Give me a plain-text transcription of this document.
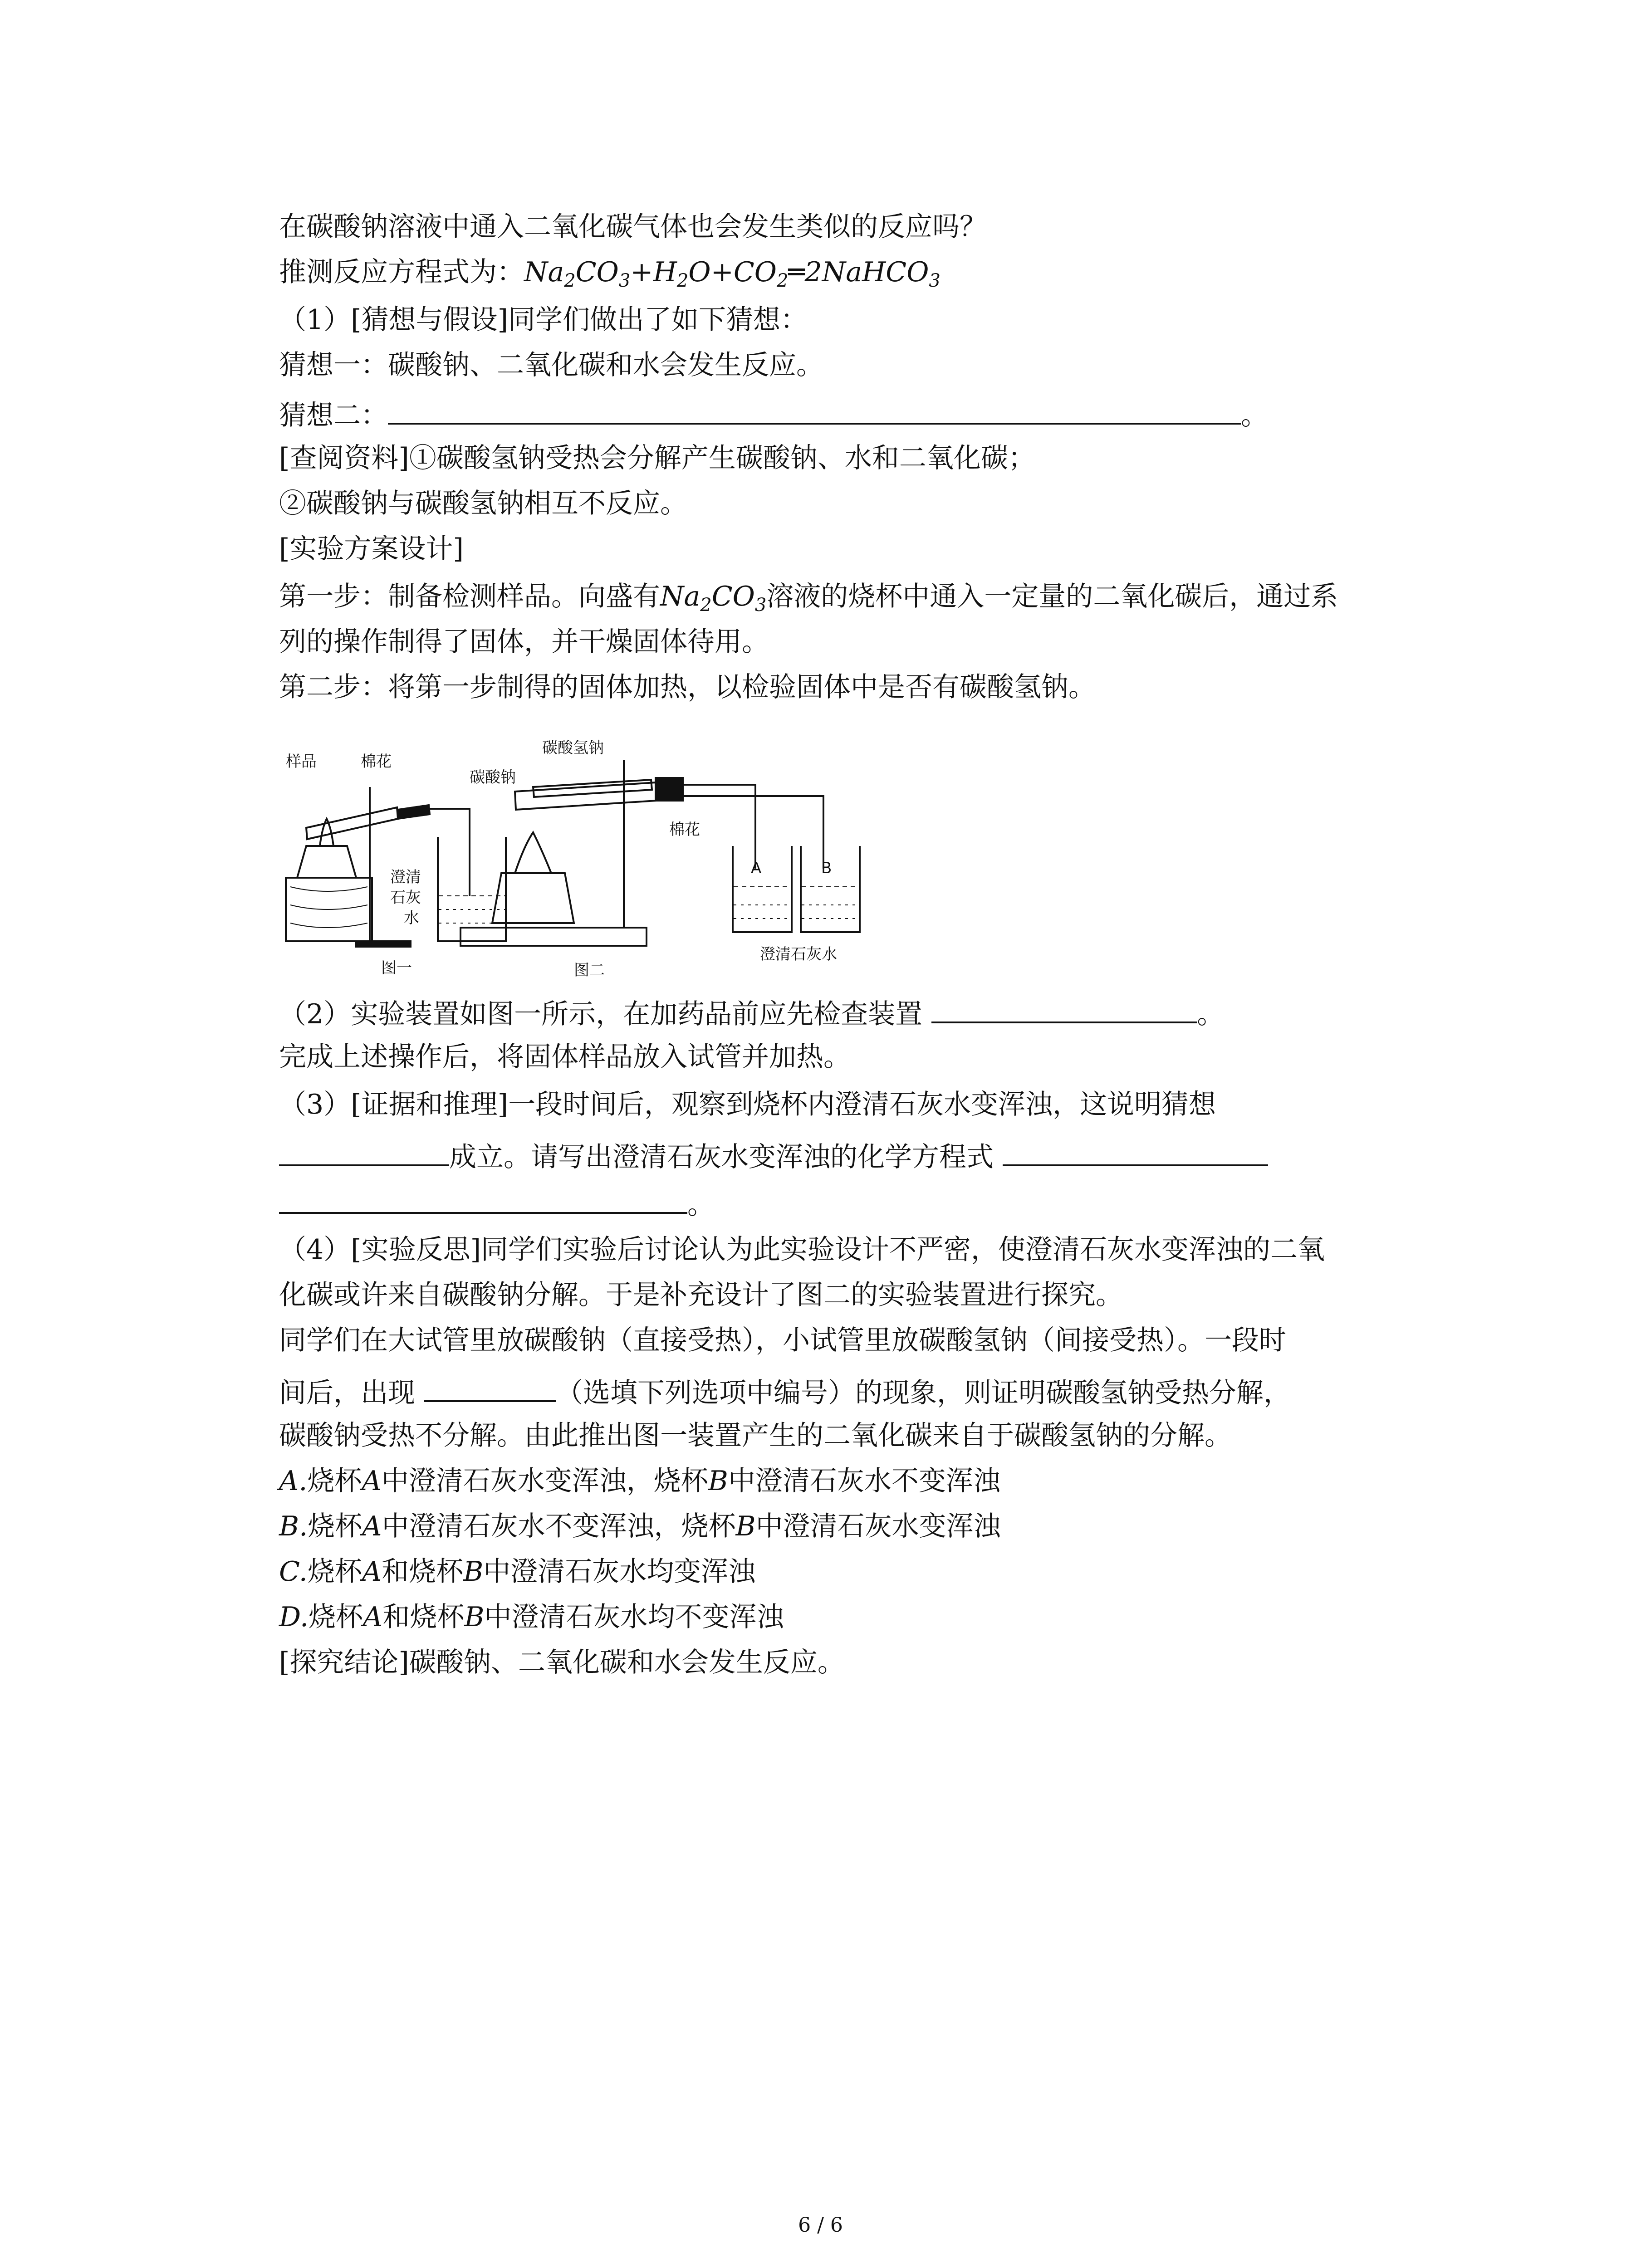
在碳酸钠溶液中通入二氧化碳气体也会发生类似的反应吗？
推测反应方程式为：$Na_2CO_3+H_2O+CO_2═2NaHCO_3$
（1）[猜想与假设]同学们做出了如下猜想：
猜想一：碳酸钠、二氧化碳和水会发生反应。
猜想二：	。
[查阅资料]①碳酸氢钠受热会分解产生碳酸钠、水和二氧化碳；
②碳酸钠与碳酸氢钠相互不反应。
[实验方案设计]
第一步：制备检测样品。向盛有$Na_2CO_3$溶液的烧杯中通入一定量的二氧化碳后，通过系
列的操作制得了固体，并干燥固体待用。
第二步：将第一步制得的固体加热，以检验固体中是否有碳酸氢钠。
样品	棉花
澄清
石灰
水
图一
碳酸氢钠
碳酸钠
棉花
A	B
澄清石灰水
图二
（2）实验装置如图一所示，在加药品前应先检查装置	。
完成上述操作后，将固体样品放入试管并加热。
（3）[证据和推理]一段时间后，观察到烧杯内澄清石灰水变浑浊，这说明猜想
成立。请写出澄清石灰水变浑浊的化学方程式
。
（4）[实验反思]同学们实验后讨论认为此实验设计不严密，使澄清石灰水变浑浊的二氧
化碳或许来自碳酸钠分解。于是补充设计了图二的实验装置进行探究。
同学们在大试管里放碳酸钠（直接受热），小试管里放碳酸氢钠（间接受热）。一段时
间后，出现	（选填下列选项中编号）的现象，则证明碳酸氢钠受热分解，
碳酸钠受热不分解。由此推出图一装置产生的二氧化碳来自于碳酸氢钠的分解。
A.烧杯A中澄清石灰水变浑浊，烧杯B中澄清石灰水不变浑浊
B.烧杯A中澄清石灰水不变浑浊，烧杯B中澄清石灰水变浑浊
C.烧杯A和烧杯B中澄清石灰水均变浑浊
D.烧杯A和烧杯B中澄清石灰水均不变浑浊
[探究结论]碳酸钠、二氧化碳和水会发生反应。
6 / 6
